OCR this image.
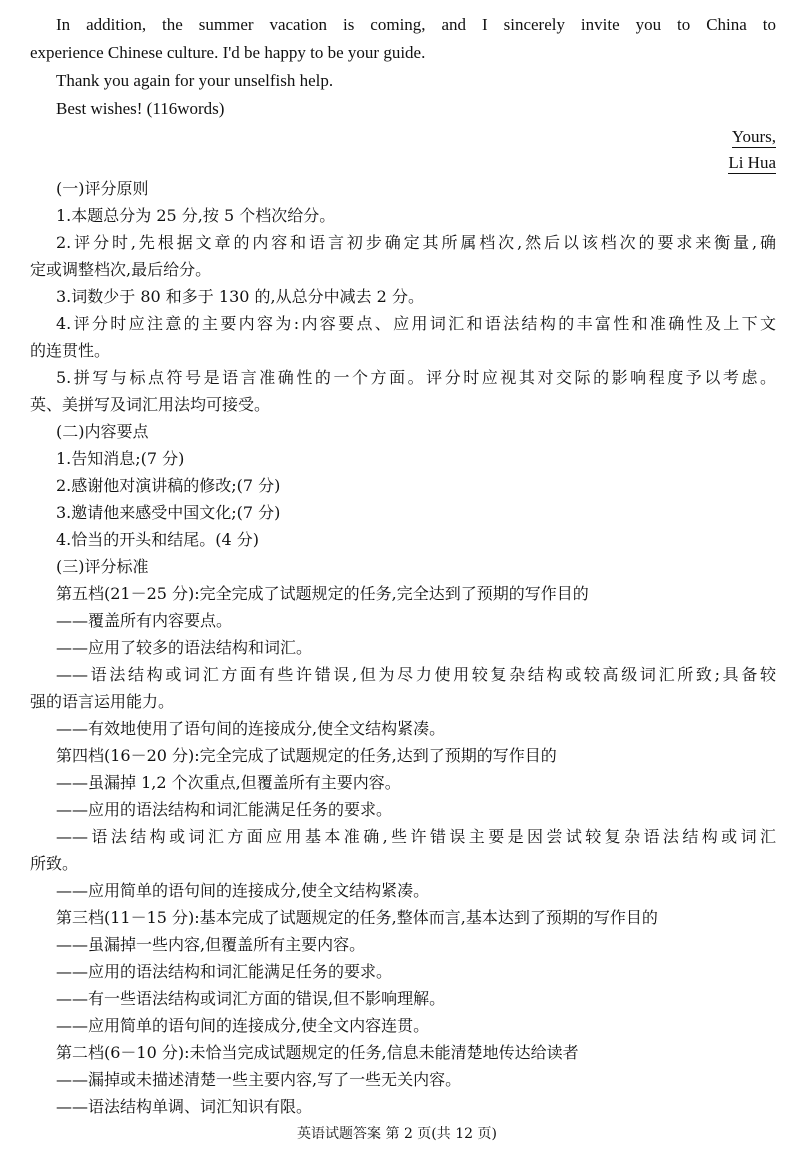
In addition, the summer vacation is coming, and I sincerely invite you to China to
experience Chinese culture. I'd be happy to be your guide.
Thank you again for your unselfish help.
Best wishes! (116words)
Yours,
Li Hua
(一)评分原则
1.本题总分为 25 分,按 5 个档次给分。
2.评分时,先根据文章的内容和语言初步确定其所属档次,然后以该档次的要求来衡量,确
定或调整档次,最后给分。
3.词数少于 80 和多于 130 的,从总分中减去 2 分。
4.评分时应注意的主要内容为:内容要点、应用词汇和语法结构的丰富性和准确性及上下文
的连贯性。
5.拼写与标点符号是语言准确性的一个方面。评分时应视其对交际的影响程度予以考虑。
英、美拼写及词汇用法均可接受。
(二)内容要点
1.告知消息;(7 分)
2.感谢他对演讲稿的修改;(7 分)
3.邀请他来感受中国文化;(7 分)
4.恰当的开头和结尾。(4 分)
(三)评分标准
第五档(21－25 分):完全完成了试题规定的任务,完全达到了预期的写作目的
——覆盖所有内容要点。
——应用了较多的语法结构和词汇。
——语法结构或词汇方面有些许错误,但为尽力使用较复杂结构或较高级词汇所致;具备较
强的语言运用能力。
——有效地使用了语句间的连接成分,使全文结构紧凑。
第四档(16－20 分):完全完成了试题规定的任务,达到了预期的写作目的
——虽漏掉 1,2 个次重点,但覆盖所有主要内容。
——应用的语法结构和词汇能满足任务的要求。
——语法结构或词汇方面应用基本准确,些许错误主要是因尝试较复杂语法结构或词汇
所致。
——应用简单的语句间的连接成分,使全文结构紧凑。
第三档(11－15 分):基本完成了试题规定的任务,整体而言,基本达到了预期的写作目的
——虽漏掉一些内容,但覆盖所有主要内容。
——应用的语法结构和词汇能满足任务的要求。
——有一些语法结构或词汇方面的错误,但不影响理解。
——应用简单的语句间的连接成分,使全文内容连贯。
第二档(6－10 分):未恰当完成试题规定的任务,信息未能清楚地传达给读者
——漏掉或未描述清楚一些主要内容,写了一些无关内容。
——语法结构单调、词汇知识有限。
英语试题答案 第 2 页(共 12 页)
